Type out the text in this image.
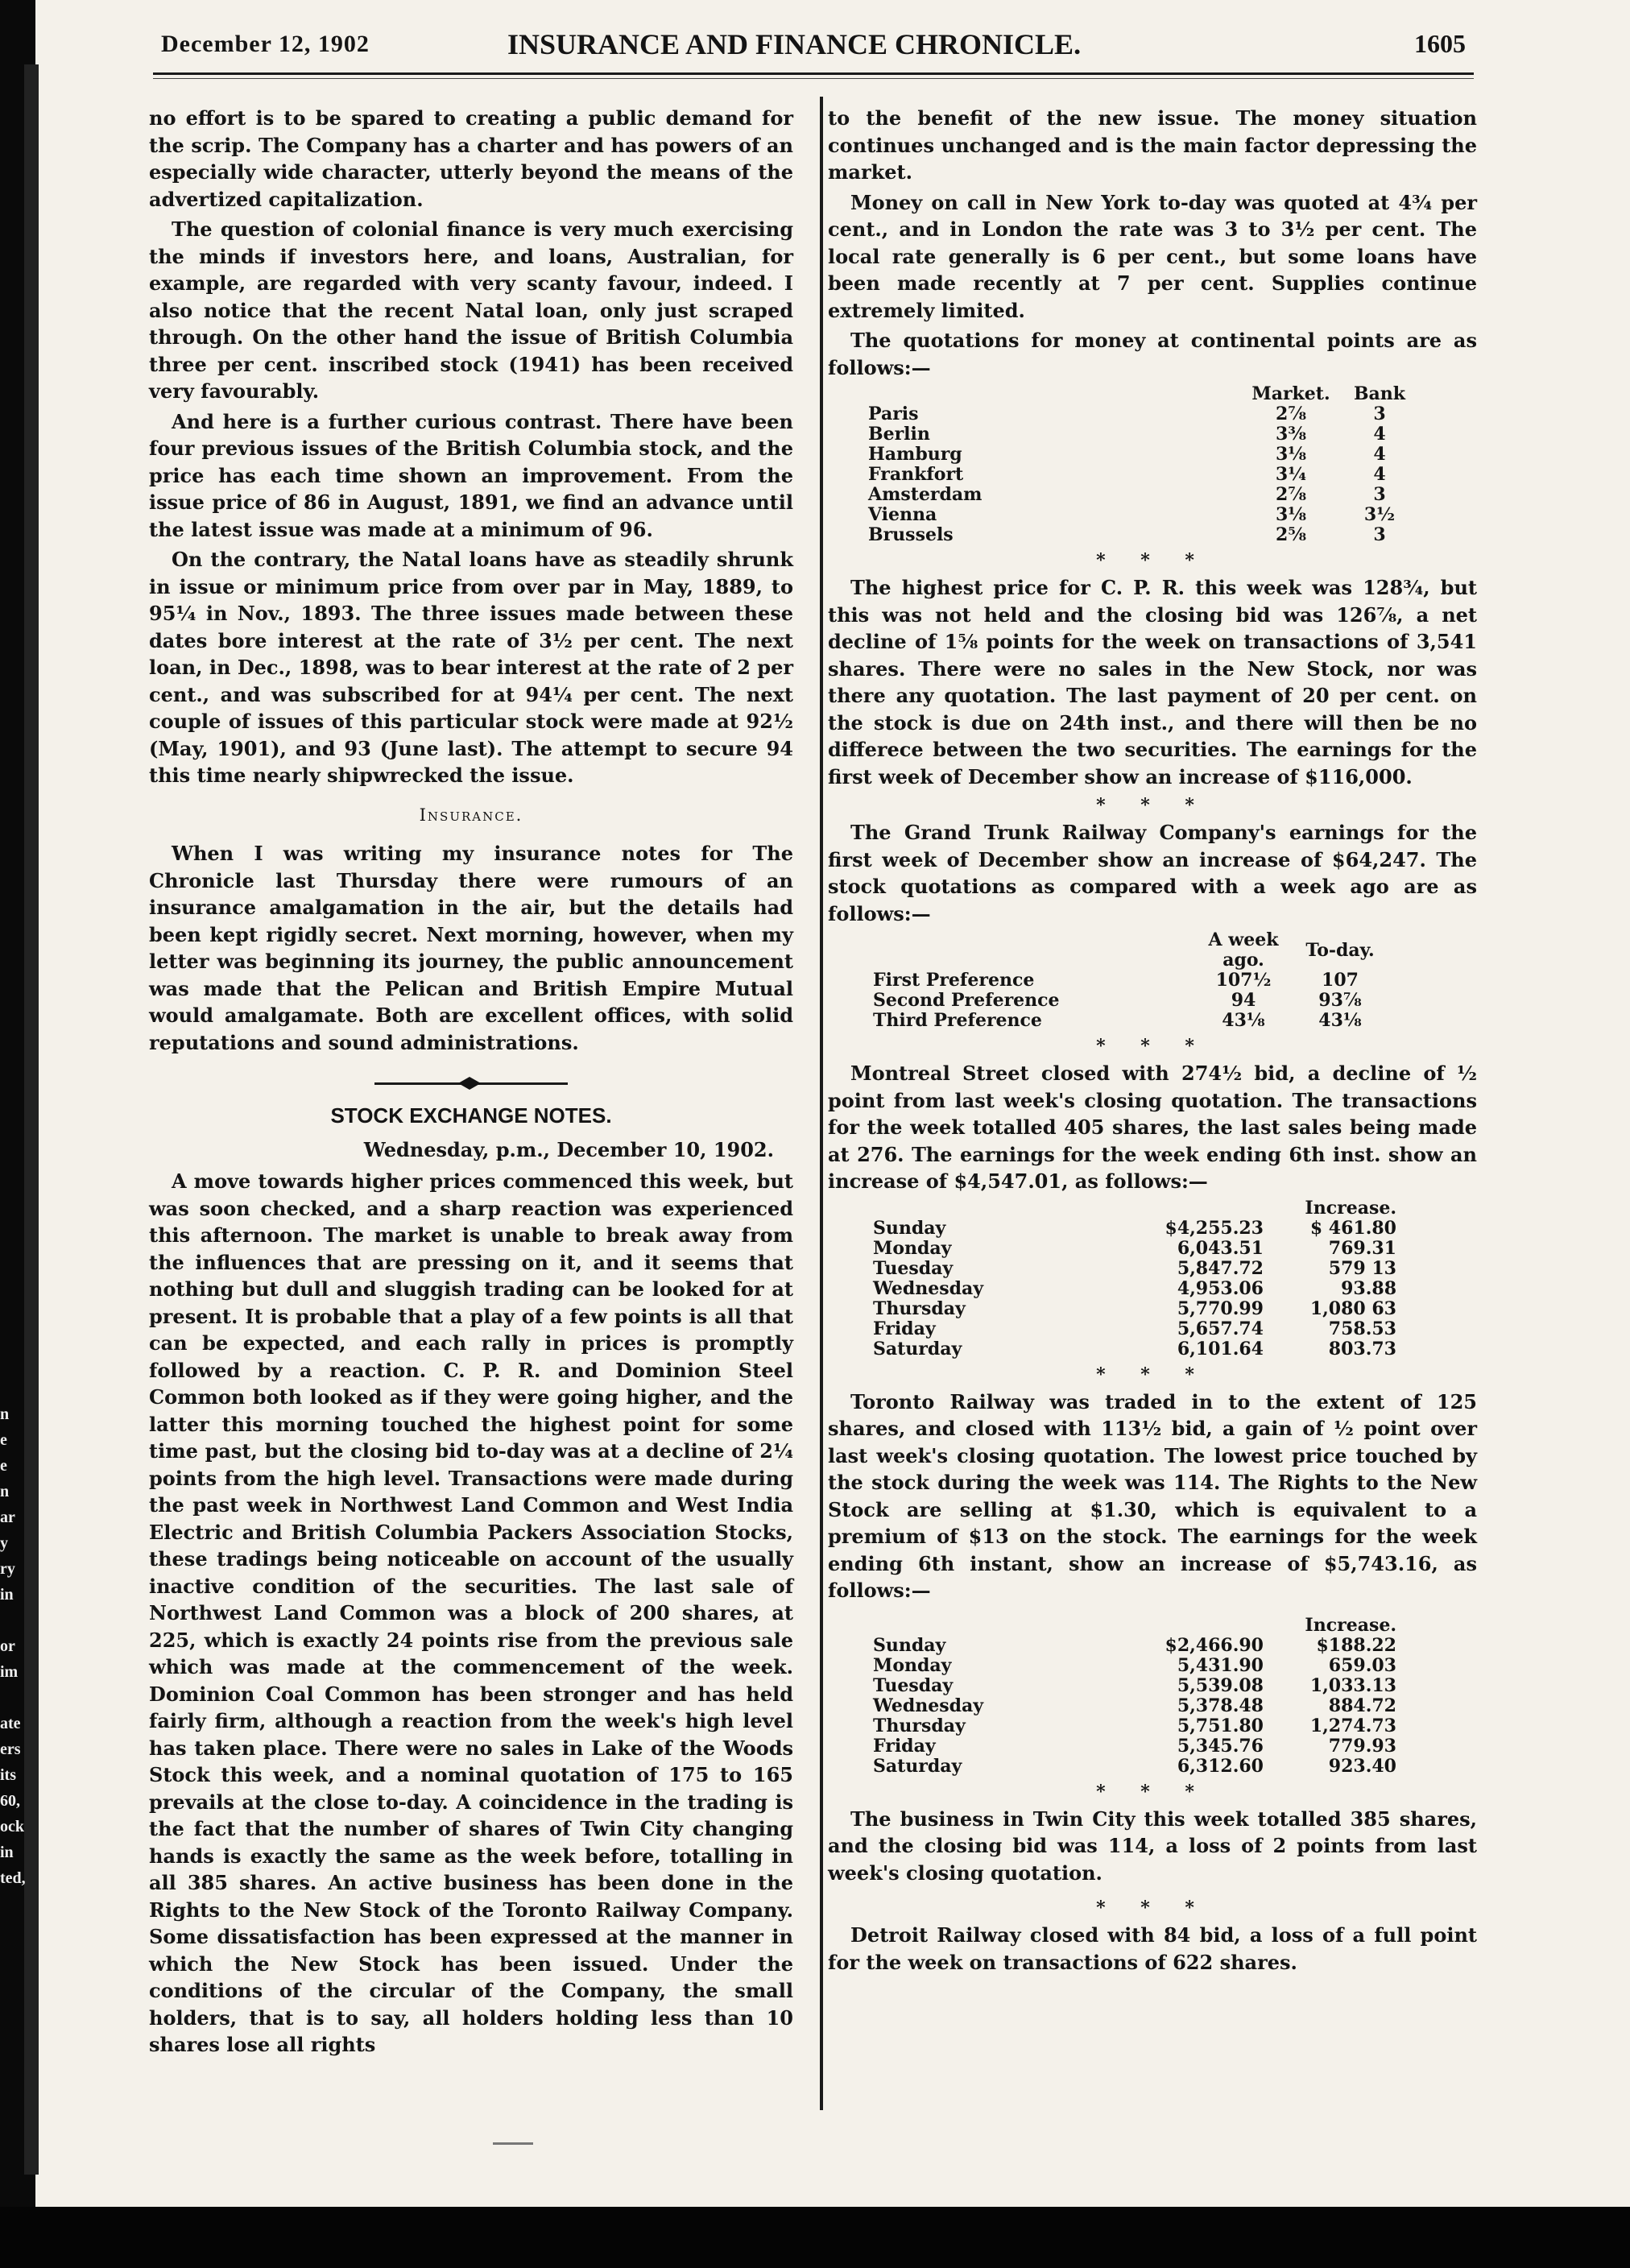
n
e
e
n
ar
y
ry
in

or
im

ate
ers
its
60,
ock
in
ted,
December 12, 1902	INSURANCE AND FINANCE CHRONICLE.	1605

no effort is to be spared to creating a public demand for the scrip. The Company has a charter and has powers of an especially wide character, utterly beyond the means of the advertized capitalization.

The question of colonial finance is very much exercising the minds if investors here, and loans, Australian, for example, are regarded with very scanty favour, indeed. I also notice that the recent Natal loan, only just scraped through. On the other hand the issue of British Columbia three per cent. inscribed stock (1941) has been received very favourably.

And here is a further curious contrast. There have been four previous issues of the British Columbia stock, and the price has each time shown an improvement. From the issue price of 86 in August, 1891, we find an advance until the latest issue was made at a minimum of 96.

On the contrary, the Natal loans have as steadily shrunk in issue or minimum price from over par in May, 1889, to 95¼ in Nov., 1893. The three issues made between these dates bore interest at the rate of 3½ per cent. The next loan, in Dec., 1898, was to bear interest at the rate of 2 per cent., and was subscribed for at 94¼ per cent. The next couple of issues of this particular stock were made at 92½ (May, 1901), and 93 (June last). The attempt to secure 94 this time nearly shipwrecked the issue.

Insurance.

When I was writing my insurance notes for The Chronicle last Thursday there were rumours of an insurance amalgamation in the air, but the details had been kept rigidly secret. Next morning, however, when my letter was beginning its journey, the public announcement was made that the Pelican and British Empire Mutual would amalgamate. Both are excellent offices, with solid reputations and sound administrations.

STOCK EXCHANGE NOTES.
Wednesday, p.m., December 10, 1902.

A move towards higher prices commenced this week, but was soon checked, and a sharp reaction was experienced this afternoon. The market is unable to break away from the influences that are pressing on it, and it seems that nothing but dull and sluggish trading can be looked for at present. It is probable that a play of a few points is all that can be expected, and each rally in prices is promptly followed by a reaction. C. P. R. and Dominion Steel Common both looked as if they were going higher, and the latter this morning touched the highest point for some time past, but the closing bid to-day was at a decline of 2¼ points from the high level. Transactions were made during the past week in Northwest Land Common and West India Electric and British Columbia Packers Association Stocks, these tradings being noticeable on account of the usually inactive condition of the securities. The last sale of Northwest Land Common was a block of 200 shares, at 225, which is exactly 24 points rise from the previous sale which was made at the commencement of the week. Dominion Coal Common has been stronger and has held fairly firm, although a reaction from the week's high level has taken place. There were no sales in Lake of the Woods Stock this week, and a nominal quotation of 175 to 165 prevails at the close to-day. A coincidence in the trading is the fact that the number of shares of Twin City changing hands is exactly the same as the week before, totalling in all 385 shares. An active business has been done in the Rights to the New Stock of the Toronto Railway Company. Some dissatisfaction has been expressed at the manner in which the New Stock has been issued. Under the conditions of the circular of the Company, the small holders, that is to say, all holders holding less than 10 shares lose all rights

to the benefit of the new issue. The money situation continues unchanged and is the main factor depressing the market.

Money on call in New York to-day was quoted at 4¾ per cent., and in London the rate was 3 to 3½ per cent. The local rate generally is 6 per cent., but some loans have been made recently at 7 per cent. Supplies continue extremely limited.

The quotations for money at continental points are as follows:—

	Market.	Bank
Paris	2⅞	3
Berlin	3⅜	4
Hamburg	3⅛	4
Frankfort	3¼	4
Amsterdam	2⅞	3
Vienna	3⅛	3½
Brussels	2⅝	3
* * *

The highest price for C. P. R. this week was 128¾, but this was not held and the closing bid was 126⅞, a net decline of 1⅝ points for the week on transactions of 3,541 shares. There were no sales in the New Stock, nor was there any quotation. The last payment of 20 per cent. on the stock is due on 24th inst., and there will then be no differece between the two securities. The earnings for the first week of December show an increase of $116,000.

* * *

The Grand Trunk Railway Company's earnings for the first week of December show an increase of $64,247. The stock quotations as compared with a week ago are as follows:—

	A week ago.	To-day.
First Preference	107½	107
Second Preference	94	93⅞
Third Preference	43⅛	43⅛
* * *

Montreal Street closed with 274½ bid, a decline of ½ point from last week's closing quotation. The transactions for the week totalled 405 shares, the last sales being made at 276. The earnings for the week ending 6th inst. show an increase of $4,547.01, as follows:—

		Increase.
Sunday	$4,255.23	$ 461.80
Monday	6,043.51	769.31
Tuesday	5,847.72	579 13
Wednesday	4,953.06	93.88
Thursday	5,770.99	1,080 63
Friday	5,657.74	758.53
Saturday	6,101.64	803.73
* * *

Toronto Railway was traded in to the extent of 125 shares, and closed with 113½ bid, a gain of ½ point over last week's closing quotation. The lowest price touched by the stock during the week was 114. The Rights to the New Stock are selling at $1.30, which is equivalent to a premium of $13 on the stock. The earnings for the week ending 6th instant, show an increase of $5,743.16, as follows:—

		Increase.
Sunday	$2,466.90	$188.22
Monday	5,431.90	659.03
Tuesday	5,539.08	1,033.13
Wednesday	5,378.48	884.72
Thursday	5,751.80	1,274.73
Friday	5,345.76	779.93
Saturday	6,312.60	923.40
* * *

The business in Twin City this week totalled 385 shares, and the closing bid was 114, a loss of 2 points from last week's closing quotation.

* * *

Detroit Railway closed with 84 bid, a loss of a full point for the week on transactions of 622 shares.
